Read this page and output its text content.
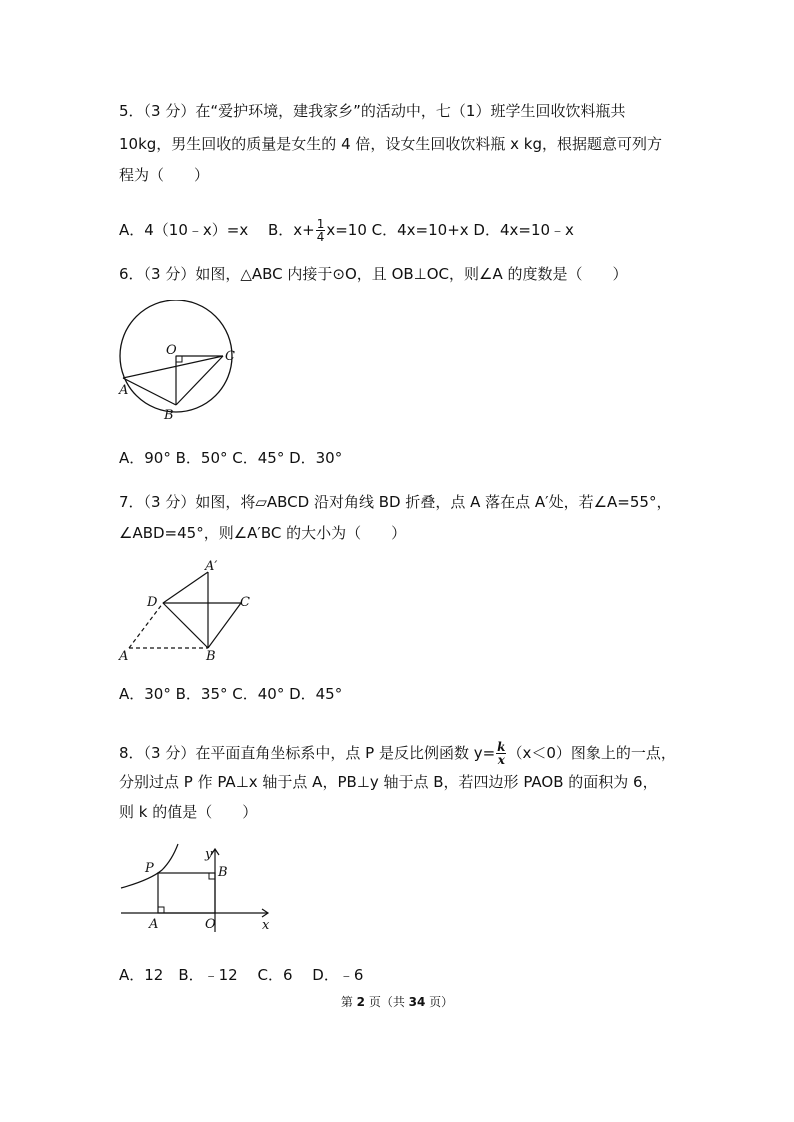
5．（3 分）在“爱护环境，建我家乡”的活动中，七（1）班学生回收饮料瓶共
10kg，男生回收的质量是女生的 4 倍，设女生回收饮料瓶 x kg，根据题意可列方
程为（　　）
A．4（10﹣x）=x　 B．$x+ \frac{1}{4} x=10$ C．4x=10+x D．4x=10﹣x
6．（3 分）如图，△ABC 内接于⊙O，且 OB⊥OC，则∠A 的度数是（　　）
O	C
A
B
A．90° B．50° C．45° D．30°
7．（3 分）如图，将▱ABCD 沿对角线 BD 折叠，点 A 落在点 A′处，若∠A=55°，
∠ABD=45°，则∠A′BC 的大小为（　　）
A′
D	C
A	B
A．30° B．35° C．40° D．45°
8．（3 分）在平面直角坐标系中，点 P 是反比例函数 $y= \frac{k}{x} (x<0)$图象上的一点，
分别过点 P 作 PA⊥x 轴于点 A，PB⊥y 轴于点 B，若四边形 PAOB 的面积为 6，
则 k 的值是（　　）
y
P	B
A	O	x
A．12　B．﹣12　 C．6　 D．﹣6
第 2 页（共 34 页）
